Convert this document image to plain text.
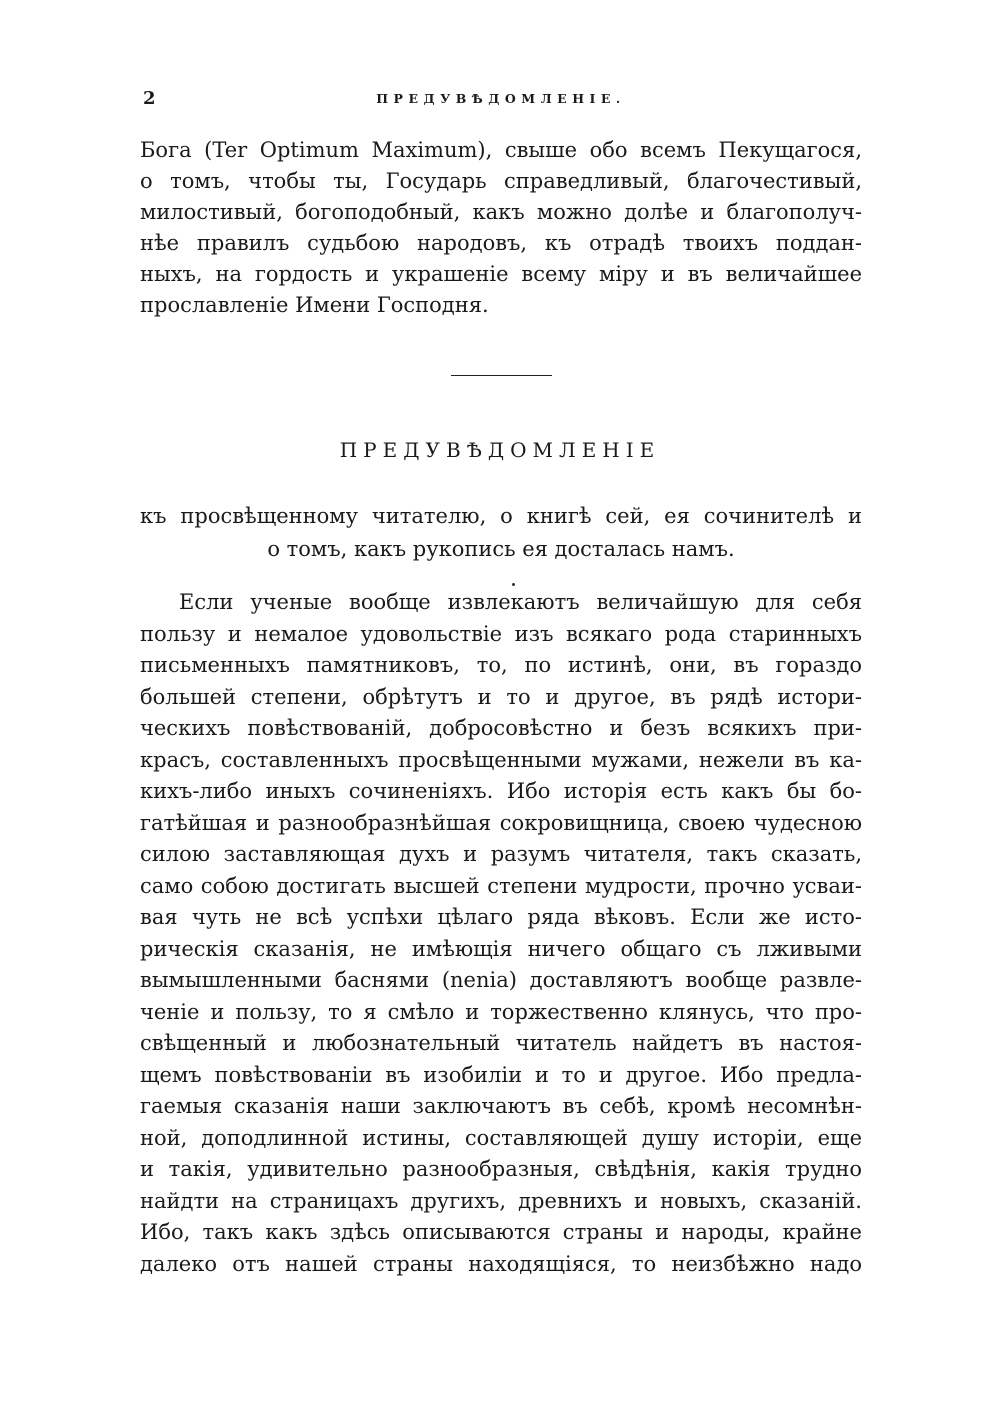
2	ПРЕДУВѢДОМЛЕНІЕ.
Бога (Ter Optimum Maximum), свыше обо всемъ Пекущагося,
о томъ, чтобы ты, Государь справедливый, благочестивый,
милостивый, богоподобный, какъ можно долѣе и благополуч-
нѣе правилъ судьбою народовъ, къ отрадѣ твоихъ поддан-
ныхъ, на гордость и украшеніе всему міру и въ величайшее
прославленіе Имени Господня.
ПРЕДУВѢДОМЛЕНІЕ
къ просвѣщенному читателю, о книгѣ сей, ея сочинителѣ и
о томъ, какъ рукопись ея досталась намъ.
Если ученые вообще извлекаютъ величайшую для себя
пользу и немалое удовольствіе изъ всякаго рода старинныхъ
письменныхъ памятниковъ, то, по истинѣ, они, въ гораздо
большей степени, обрѣтутъ и то и другое, въ рядѣ истори-
ческихъ повѣствованій, добросовѣстно и безъ всякихъ при-
красъ, составленныхъ просвѣщенными мужами, нежели въ ка-
кихъ-либо иныхъ сочиненіяхъ. Ибо исторія есть какъ бы бо-
гатѣйшая и разнообразнѣйшая сокровищница, своею чудесною
силою заставляющая духъ и разумъ читателя, такъ сказать,
само собою достигать высшей степени мудрости, прочно усваи-
вая чуть не всѣ успѣхи цѣлаго ряда вѣковъ. Если же исто-
рическія сказанія, не имѣющія ничего общаго съ лживыми
вымышленными баснями (nenia) доставляютъ вообще развле-
ченіе и пользу, то я смѣло и торжественно клянусь, что про-
свѣщенный и любознательный читатель найдетъ въ настоя-
щемъ повѣствованіи въ изобиліи и то и другое. Ибо предла-
гаемыя сказанія наши заключаютъ въ себѣ, кромѣ несомнѣн-
ной, доподлинной истины, составляющей душу исторіи, еще
и такія, удивительно разнообразныя, свѣдѣнія, какія трудно
найдти на страницахъ другихъ, древнихъ и новыхъ, сказаній.
Ибо, такъ какъ здѣсь описываются страны и народы, крайне
далеко отъ нашей страны находящіяся, то неизбѣжно надо
